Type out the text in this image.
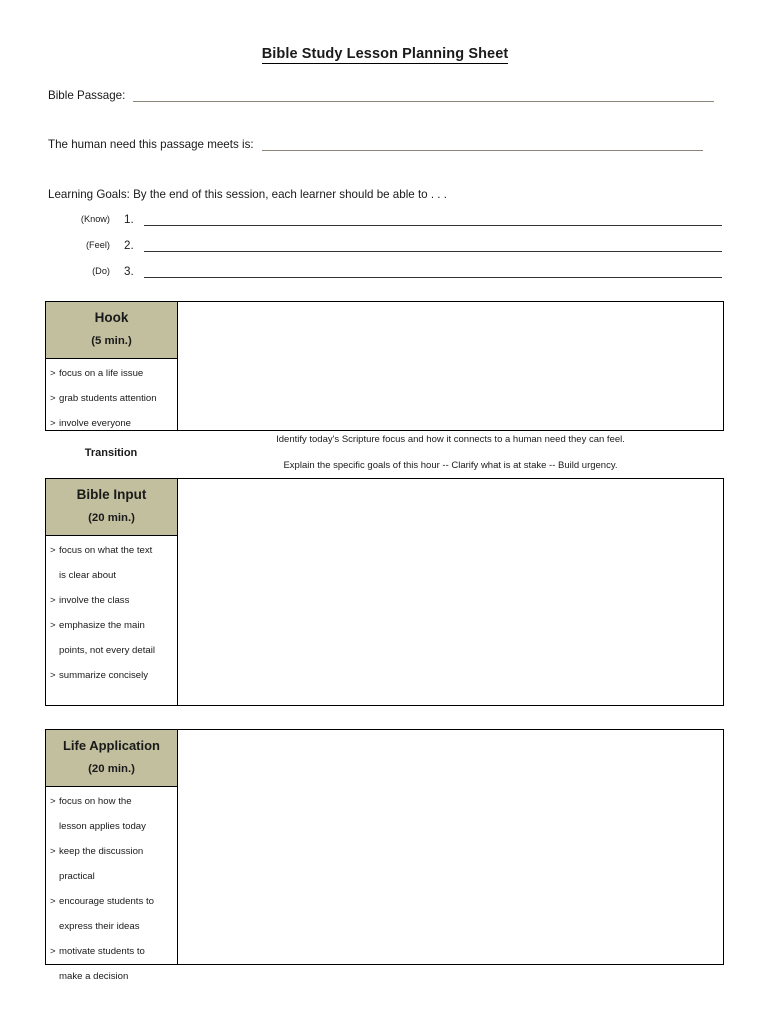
Bible Study Lesson Planning Sheet
Bible Passage:
The human need this passage meets is:
Learning Goals: By the end of this session, each learner should be able to . . .
(Know)	1.
(Feel)	2.
(Do)	3.
Hook
(5 min.)
> focus on a life issue
> grab students attention
> involve everyone
Transition
Identify today's Scripture focus and how it connects to a human need they can feel.
Explain the specific goals of this hour -- Clarify what is at stake -- Build urgency.
Bible Input
(20 min.)
> focus on what the text
is clear about
> involve the class
> emphasize the main
points, not every detail
> summarize concisely
Life Application
(20 min.)
> focus on how the
lesson applies today
> keep the discussion
practical
> encourage students to
express their ideas
> motivate students to
make a decision
